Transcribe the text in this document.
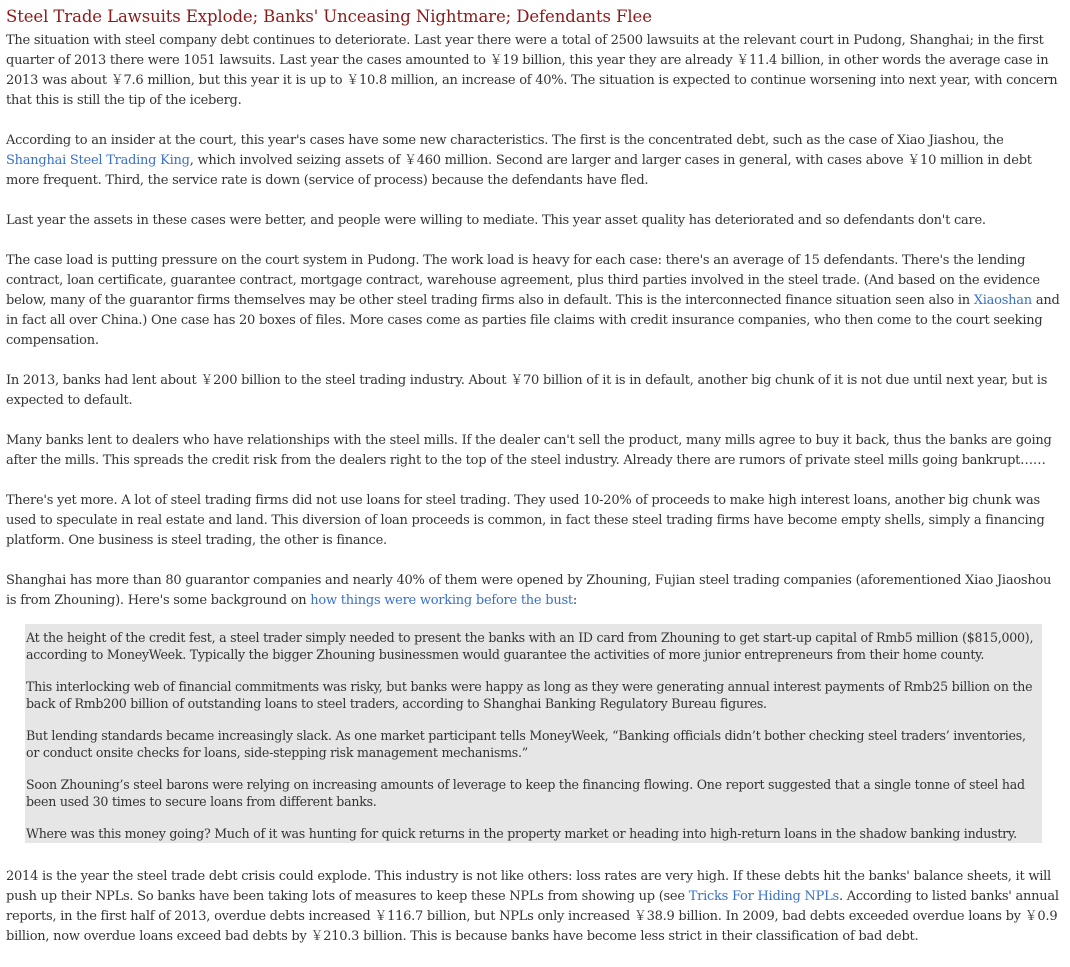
Steel Trade Lawsuits Explode; Banks' Unceasing Nightmare; Defendants Flee

The situation with steel company debt continues to deteriorate. Last year there were a total of 2500 lawsuits at the relevant court in Pudong, Shanghai; in the first quarter of 2013 there were 1051 lawsuits. Last year the cases amounted to ￥19 billion, this year they are already ￥11.4 billion, in other words the average case in 2013 was about ￥7.6 million, but this year it is up to ￥10.8 million, an increase of 40%. The situation is expected to continue worsening into next year, with concern that this is still the tip of the iceberg.

According to an insider at the court, this year's cases have some new characteristics. The first is the concentrated debt, such as the case of Xiao Jiashou, the Shanghai Steel Trading King, which involved seizing assets of ￥460 million. Second are larger and larger cases in general, with cases above ￥10 million in debt more frequent. Third, the service rate is down (service of process) because the defendants have fled.

Last year the assets in these cases were better, and people were willing to mediate. This year asset quality has deteriorated and so defendants don't care.

The case load is putting pressure on the court system in Pudong. The work load is heavy for each case: there's an average of 15 defendants. There's the lending contract, loan certificate, guarantee contract, mortgage contract, warehouse agreement, plus third parties involved in the steel trade. (And based on the evidence below, many of the guarantor firms themselves may be other steel trading firms also in default. This is the interconnected finance situation seen also in Xiaoshan and in fact all over China.) One case has 20 boxes of files. More cases come as parties file claims with credit insurance companies, who then come to the court seeking compensation.

In 2013, banks had lent about ￥200 billion to the steel trading industry. About ￥70 billion of it is in default, another big chunk of it is not due until next year, but is expected to default.

Many banks lent to dealers who have relationships with the steel mills. If the dealer can't sell the product, many mills agree to buy it back, thus the banks are going after the mills. This spreads the credit risk from the dealers right to the top of the steel industry. Already there are rumors of private steel mills going bankrupt……

There's yet more. A lot of steel trading firms did not use loans for steel trading. They used 10-20% of proceeds to make high interest loans, another big chunk was used to speculate in real estate and land. This diversion of loan proceeds is common, in fact these steel trading firms have become empty shells, simply a financing platform. One business is steel trading, the other is finance.

Shanghai has more than 80 guarantor companies and nearly 40% of them were opened by Zhouning, Fujian steel trading companies (aforementioned Xiao Jiaoshou is from Zhouning). Here's some background on how things were working before the bust:

At the height of the credit fest, a steel trader simply needed to present the banks with an ID card from Zhouning to get start-up capital of Rmb5 million ($815,000), according to MoneyWeek. Typically the bigger Zhouning businessmen would guarantee the activities of more junior entrepreneurs from their home county.

This interlocking web of financial commitments was risky, but banks were happy as long as they were generating annual interest payments of Rmb25 billion on the back of Rmb200 billion of outstanding loans to steel traders, according to Shanghai Banking Regulatory Bureau figures.

But lending standards became increasingly slack. As one market participant tells MoneyWeek, “Banking officials didn’t bother checking steel traders’ inventories, or conduct onsite checks for loans, side-stepping risk management mechanisms.”

Soon Zhouning’s steel barons were relying on increasing amounts of leverage to keep the financing flowing. One report suggested that a single tonne of steel had been used 30 times to secure loans from different banks.

Where was this money going? Much of it was hunting for quick returns in the property market or heading into high-return loans in the shadow banking industry.

2014 is the year the steel trade debt crisis could explode. This industry is not like others: loss rates are very high. If these debts hit the banks' balance sheets, it will push up their NPLs. So banks have been taking lots of measures to keep these NPLs from showing up (see Tricks For Hiding NPLs. According to listed banks' annual reports, in the first half of 2013, overdue debts increased ￥116.7 billion, but NPLs only increased ￥38.9 billion. In 2009, bad debts exceeded overdue loans by ￥0.9 billion, now overdue loans exceed bad debts by ￥210.3 billion. This is because banks have become less strict in their classification of bad debt.
